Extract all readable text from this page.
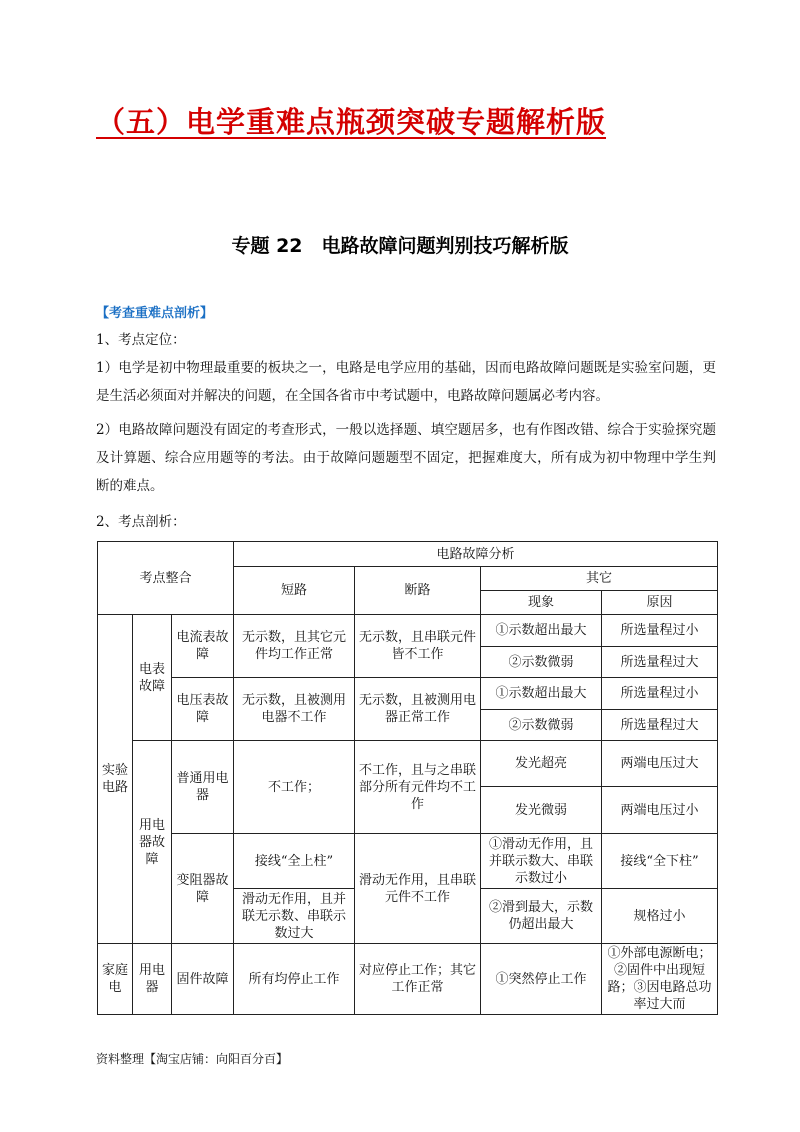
（五）电学重难点瓶颈突破专题解析版
专题 22　电路故障问题判别技巧解析版
【考查重难点剖析】
1、考点定位：
1）电学是初中物理最重要的板块之一，电路是电学应用的基础，因而电路故障问题既是实验室问题，更是生活必须面对并解决的问题，在全国各省市中考试题中，电路故障问题属必考内容。
2）电路故障问题没有固定的考查形式，一般以选择题、填空题居多，也有作图改错、综合于实验探究题及计算题、综合应用题等的考法。由于故障问题题型不固定，把握难度大，所有成为初中物理中学生判断的难点。
2、考点剖析：
考点整合			电路故障分析			
			短路	断路	其它	
					现象	原因
实验电路	电表故障	电流表故障	无示数，且其它元件均工作正常	无示数，且串联元件皆不工作	①示数超出最大	所选量程过小
					②示数微弱	所选量程过大
		电压表故障	无示数，且被测用电器不工作	无示数，且被测用电器正常工作	①示数超出最大	所选量程过小
					②示数微弱	所选量程过大
	用电器故障	普通用电器	不工作；	不工作，且与之串联部分所有元件均不工作	发光超亮	两端电压过大
					发光微弱	两端电压过小
		变阻器故障	接线“全上柱”	滑动无作用，且串联元件不工作	①滑动无作用，且并联示数大、串联示数过小	接线“全下柱”
			滑动无作用，且并联无示数、串联示数过大		②滑到最大，示数仍超出最大	规格过小
家庭电	用电器	固件故障	所有均停止工作	对应停止工作；其它工作正常	①突然停止工作	①外部电源断电；②固件中出现短路；③因电路总功率过大而
资料整理【淘宝店铺：向阳百分百】
